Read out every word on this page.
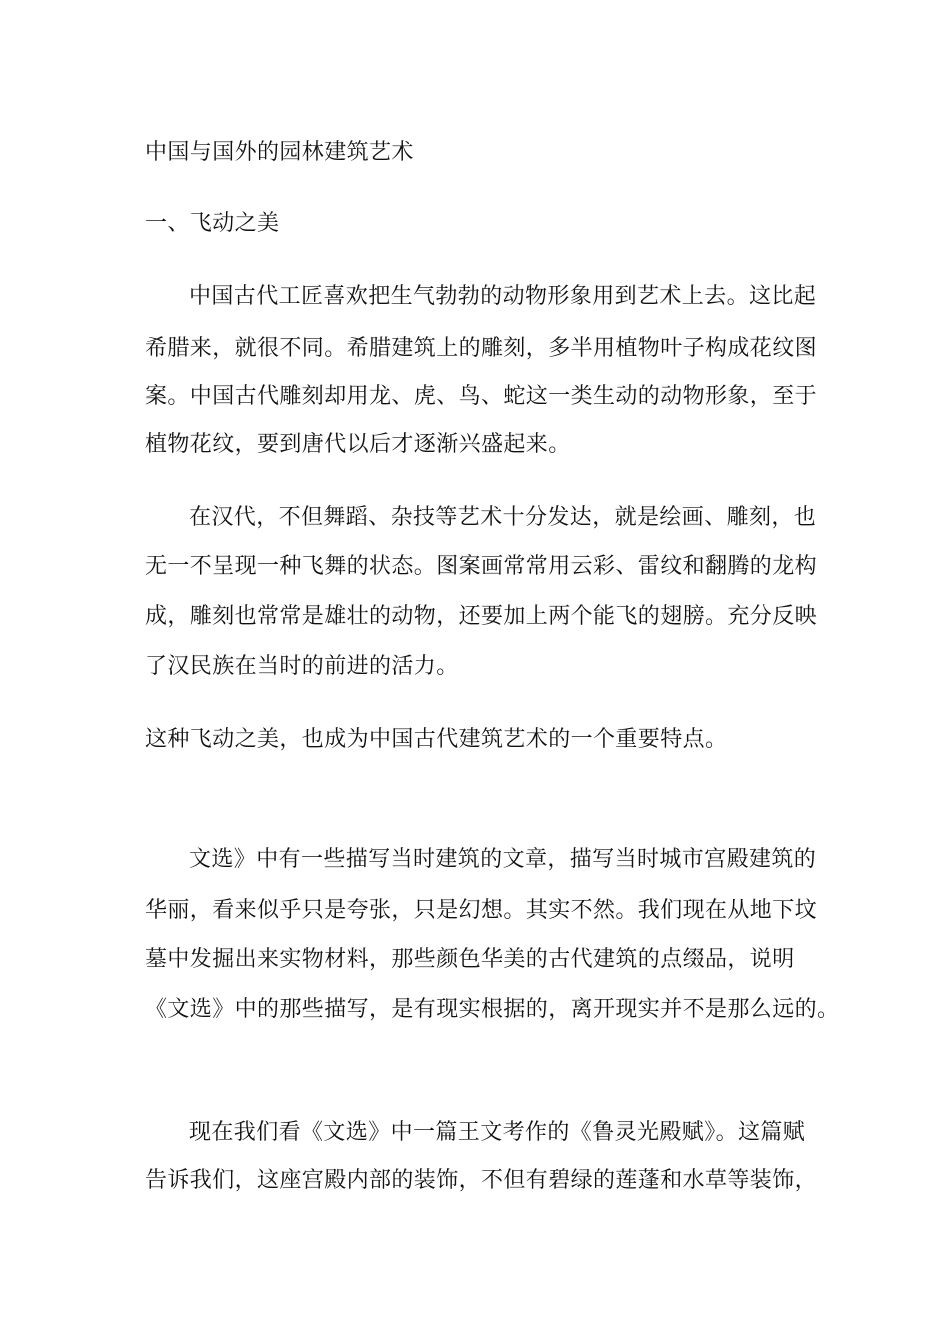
中国与国外的园林建筑艺术
一、飞动之美
中国古代工匠喜欢把生气勃勃的动物形象用到艺术上去。这比起
希腊来，就很不同。希腊建筑上的雕刻，多半用植物叶子构成花纹图
案。中国古代雕刻却用龙、虎、鸟、蛇这一类生动的动物形象，至于
植物花纹，要到唐代以后才逐渐兴盛起来。
在汉代，不但舞蹈、杂技等艺术十分发达，就是绘画、雕刻，也
无一不呈现一种飞舞的状态。图案画常常用云彩、雷纹和翻腾的龙构
成，雕刻也常常是雄壮的动物，还要加上两个能飞的翅膀。充分反映
了汉民族在当时的前进的活力。
这种飞动之美，也成为中国古代建筑艺术的一个重要特点。
文选》中有一些描写当时建筑的文章，描写当时城市宫殿建筑的
华丽，看来似乎只是夸张，只是幻想。其实不然。我们现在从地下坟
墓中发掘出来实物材料，那些颜色华美的古代建筑的点缀品，说明
《文选》中的那些描写，是有现实根据的，离开现实并不是那么远的。
现在我们看《文选》中一篇王文考作的《鲁灵光殿赋》。这篇赋
告诉我们，这座宫殿内部的装饰，不但有碧绿的莲蓬和水草等装饰，
